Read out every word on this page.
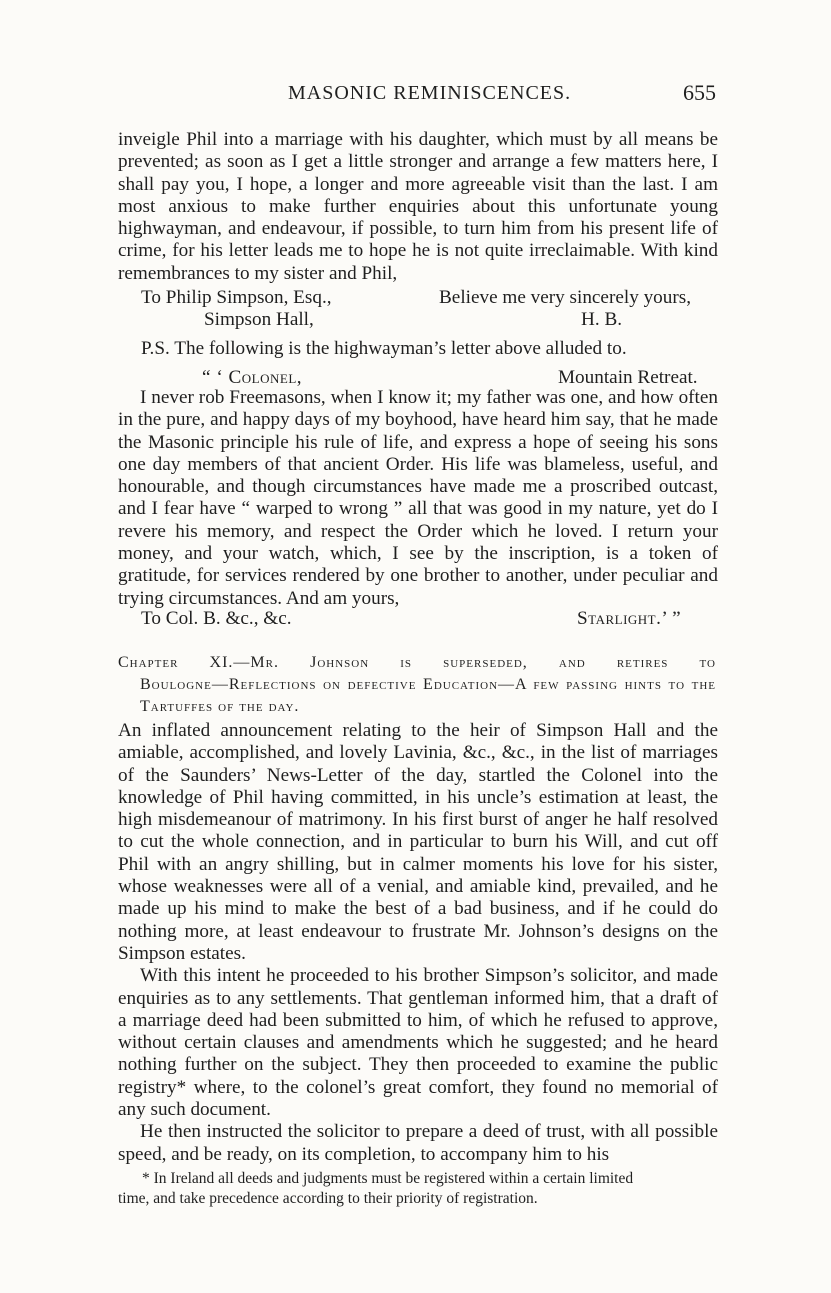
MASONIC REMINISCENCES.	655

inveigle Phil into a marriage with his daughter, which must by all means be prevented; as soon as I get a little stronger and arrange a few matters here, I shall pay you, I hope, a longer and more agreeable visit than the last. I am most anxious to make further enquiries about this unfortunate young highwayman, and endeavour, if possible, to turn him from his present life of crime, for his letter leads me to hope he is not quite irreclaimable. With kind remembrances to my sister and Phil,

To Philip Simpson, Esq.,	Believe me very sincerely yours,
Simpson Hall,	H. B.
P.S. The following is the highwayman’s letter above alluded to.
“ ‘ Colonel,	Mountain Retreat.

I never rob Freemasons, when I know it; my father was one, and how often in the pure, and happy days of my boyhood, have heard him say, that he made the Masonic principle his rule of life, and express a hope of seeing his sons one day members of that ancient Order. His life was blameless, useful, and honourable, and though circumstances have made me a proscribed outcast, and I fear have “ warped to wrong ” all that was good in my nature, yet do I revere his memory, and respect the Order which he loved. I return your money, and your watch, which, I see by the inscription, is a token of gratitude, for services rendered by one brother to another, under peculiar and trying circumstances. And am yours,

To Col. B. &c., &c.	Starlight.’ ”
Chapter XI.—Mr. Johnson is superseded, and retires to
Boulogne—Reflections on defective Education—A few passing hints to the Tartuffes of the day.

An inflated announcement relating to the heir of Simpson Hall and the amiable, accomplished, and lovely Lavinia, &c., &c., in the list of marriages of the Saunders’ News-Letter of the day, startled the Colonel into the knowledge of Phil having committed, in his uncle’s estimation at least, the high misdemeanour of matrimony. In his first burst of anger he half resolved to cut the whole connection, and in particular to burn his Will, and cut off Phil with an angry shilling, but in calmer moments his love for his sister, whose weaknesses were all of a venial, and amiable kind, prevailed, and he made up his mind to make the best of a bad business, and if he could do nothing more, at least endeavour to frustrate Mr. Johnson’s designs on the Simpson estates.

With this intent he proceeded to his brother Simpson’s solicitor, and made enquiries as to any settlements. That gentleman informed him, that a draft of a marriage deed had been submitted to him, of which he refused to approve, without certain clauses and amendments which he suggested; and he heard nothing further on the subject. They then proceeded to examine the public registry* where, to the colonel’s great comfort, they found no memorial of any such document.

He then instructed the solicitor to prepare a deed of trust, with all possible speed, and be ready, on its completion, to accompany him to his

* In Ireland all deeds and judgments must be registered within a certain limited
time, and take precedence according to their priority of registration.
